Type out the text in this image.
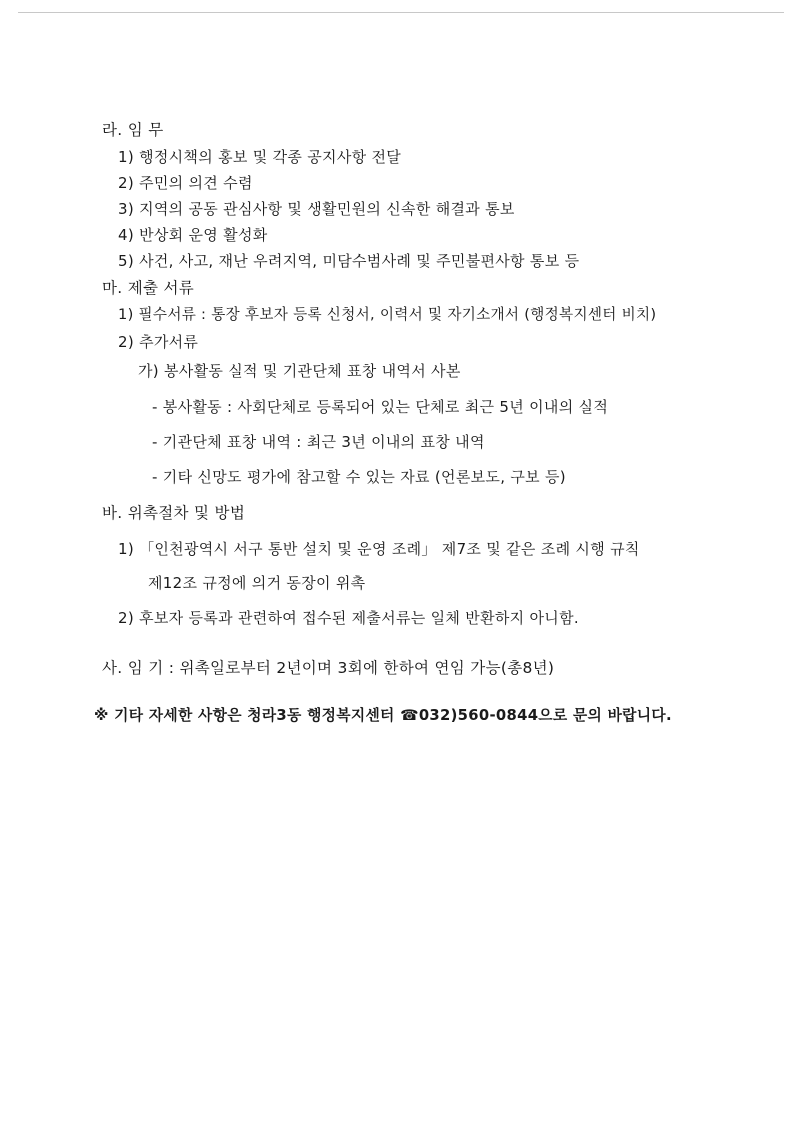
라. 임 무
1) 행정시책의 홍보 및 각종 공지사항 전달
2) 주민의 의견 수렴
3) 지역의 공동 관심사항 및 생활민원의 신속한 해결과 통보
4) 반상회 운영 활성화
5) 사건, 사고, 재난 우려지역, 미담수범사례 및 주민불편사항 통보 등
마. 제출 서류
1) 필수서류 : 통장 후보자 등록 신청서, 이력서 및 자기소개서 (행정복지센터 비치)
2) 추가서류
가) 봉사활동 실적 및 기관단체 표창 내역서 사본
- 봉사활동 : 사회단체로 등록되어 있는 단체로 최근 5년 이내의 실적
- 기관단체 표창 내역 : 최근 3년 이내의 표창 내역
- 기타 신망도 평가에 참고할 수 있는 자료 (언론보도, 구보 등)
바. 위촉절차 및 방법
1) 「인천광역시 서구 통반 설치 및 운영 조례」 제7조 및 같은 조례 시행 규칙
제12조 규정에 의거 동장이 위촉
2) 후보자 등록과 관련하여 접수된 제출서류는 일체 반환하지 아니함.
사. 임 기 : 위촉일로부터 2년이며 3회에 한하여 연임 가능(총8년)
※ 기타 자세한 사항은 청라3동 행정복지센터 ☎032)560-0844으로 문의 바랍니다.
